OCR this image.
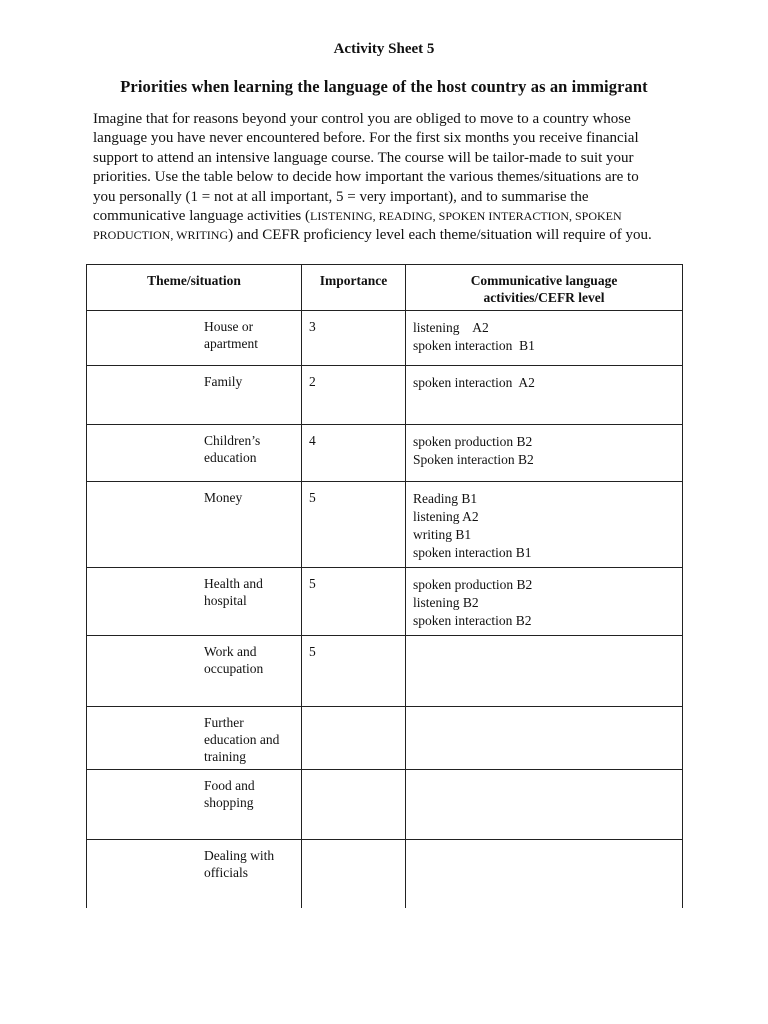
Activity Sheet 5
Priorities when learning the language of the host country as an immigrant

Imagine that for reasons beyond your control you are obliged to move to a country whose language you have never encountered before. For the first six months you receive financial support to attend an intensive language course. The course will be tailor-made to suit your priorities. Use the table below to decide how important the various themes/situations are to you personally (1 = not at all important, 5 = very important), and to summarise the communicative language activities (LISTENING, READING, SPOKEN INTERACTION, SPOKEN PRODUCTION, WRITING) and CEFR proficiency level each theme/situation will require of you.

Theme/situation	Importance	Communicative language activities/CEFR level

House or apartment	3	listening    A2
spoken interaction  B1

Family	2	spoken interaction  A2

Children’s education	4	spoken production B2
Spoken interaction B2

Money	5	Reading B1
listening A2
writing B1
spoken interaction B1

Health and hospital	5	spoken production B2
listening B2
spoken interaction B2

Work and occupation	5	

Further education and training		

Food and shopping		

Dealing with officials		
